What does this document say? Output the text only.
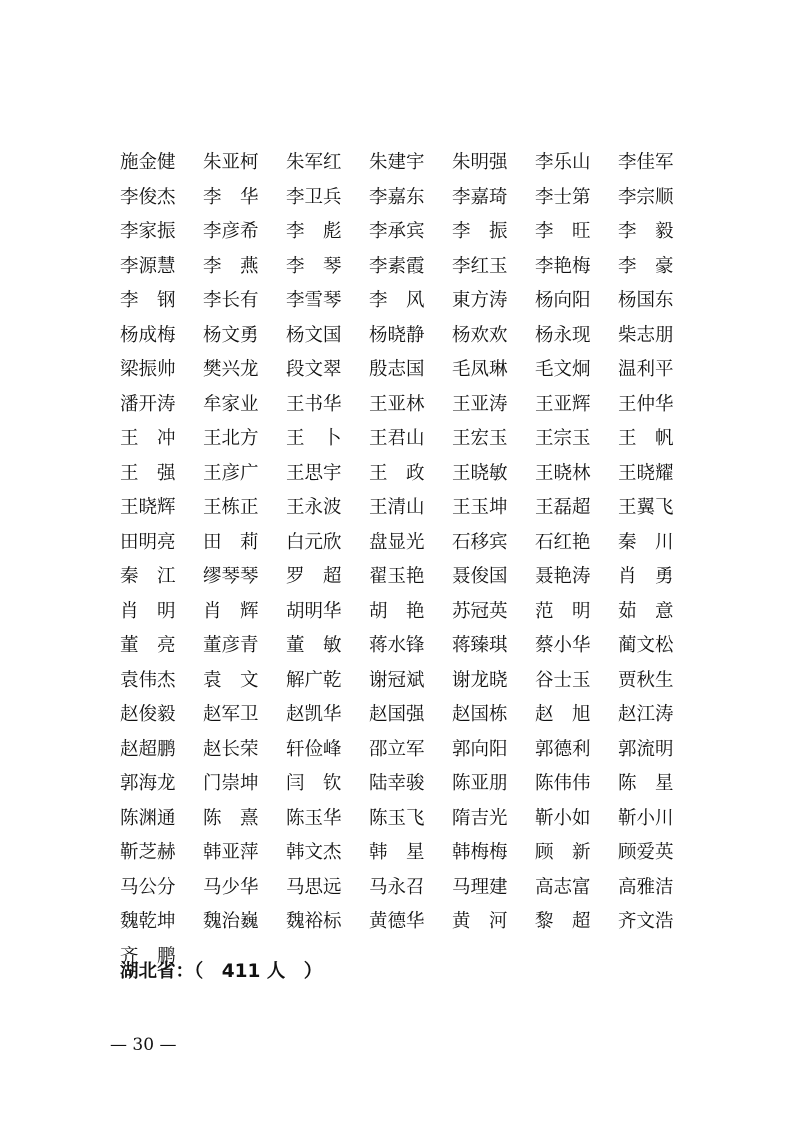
施金健	朱亚柯	朱军红	朱建宇	朱明强	李乐山	李佳军
李俊杰	李　华	李卫兵	李嘉东	李嘉琦	李士第	李宗顺
李家振	李彦希	李　彪	李承宾	李　振	李　旺	李　毅
李源慧	李　燕	李　琴	李素霞	李红玉	李艳梅	李　豪
李　钢	李长有	李雪琴	李　风	東方涛	杨向阳	杨国东
杨成梅	杨文勇	杨文国	杨晓静	杨欢欢	杨永现	柴志朋
梁振帅	樊兴龙	段文翠	殷志国	毛凤琳	毛文炯	温利平
潘开涛	牟家业	王书华	王亚林	王亚涛	王亚辉	王仲华
王　冲	王北方	王　卜	王君山	王宏玉	王宗玉	王　帆
王　强	王彦广	王思宇	王　政	王晓敏	王晓林	王晓耀
王晓辉	王栋正	王永波	王清山	王玉坤	王磊超	王翼飞
田明亮	田　莉	白元欣	盘显光	石移宾	石红艳	秦　川
秦　江	缪琴琴	罗　超	翟玉艳	聂俊国	聂艳涛	肖　勇
肖　明	肖　辉	胡明华	胡　艳	苏冠英	范　明	茹　意
董　亮	董彦青	董　敏	蒋水锋	蒋臻琪	蔡小华	蔺文松
袁伟杰	袁　文	解广乾	谢冠斌	谢龙晓	谷士玉	贾秋生
赵俊毅	赵军卫	赵凯华	赵国强	赵国栋	赵　旭	赵江涛
赵超鹏	赵长荣	轩俭峰	邵立军	郭向阳	郭德利	郭流明
郭海龙	门崇坤	闫　钦	陆幸骏	陈亚朋	陈伟伟	陈　星
陈渊通	陈　熹	陈玉华	陈玉飞	隋吉光	靳小如	靳小川
靳芝赫	韩亚萍	韩文杰	韩　星	韩梅梅	顾　新	顾爱英
马公分	马少华	马思远	马永召	马理建	高志富	高雅洁
魏乾坤	魏治巍	魏裕标	黄德华	黄　河	黎　超	齐文浩
齐　鹏
湖北省：（　411 人　）
— 30 —
